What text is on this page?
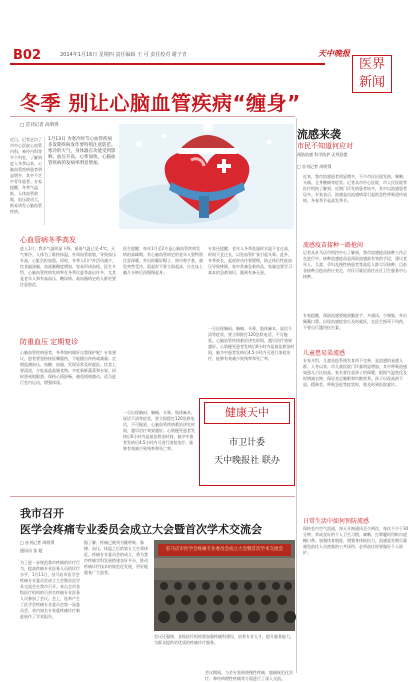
B02	2014年1月16日 星期四 责任编辑 王 可 责任校对 谢子青	天中晚报
医界
新闻
冬季 别让心脑血管疾病“缠身”
□ 首刊记者 尚明得
近日，记者走访了市中心医院心血管内科、神经内科等多个科室，了解到进入冬季以来，心脑血管疾病患者明显增多，其中不乏中青年患者。专家提醒，冬季气温低，人体血管收缩，血压波动大，极易诱发心脑血管疾病。
1月13日 为寒冷时节心血管疾病多发期疾病发作要特别注意防范。寒冷的天气，身体器官功能受到影响，血压升高、心率加快，心脑血管疾病的发病率明显增加。
心血管病冬季高发
进入1月，我市气温明显下降，最低气温已至-4℃。天气寒冷，人体为了维持体温，外周血管收缩，导致血压升高，心脏负担加重。同时，冬季人们户外活动减少，饮食偏油腻，血液黏稠度增加，容易形成血栓。医生介绍，心脑血管疾病发病率在冬季比夏季高出许多，尤其是老年人和有高血压、糖尿病、高血脂病史的人群更要注意防范。
医生提醒，每年1月至2月是心脑血管疾病发病的高峰期。有心脑血管病史的老年人要特别注意保暖，外出时戴好帽子、围巾和手套，避免突然受冷。晨起时不要立即起床，应在床上躺几分钟后再慢慢起身。
专家还提醒，老年人冬季洗澡时水温不宜过高，时间不宜过长，以免血管扩张引起头晕。此外，冬季夜长，起夜时动作要缓慢，防止体位性低血压导致摔倒。家中常备急救药品，家属也要学习基本的急救知识，做到有备无患。
防重血压 定期复诊
心脑血管疾病患者，冬季如何做好自我保护呢？专家建议，患者要坚持按医嘱服药，不能擅自停药或减量；定期监测血压、血糖、血脂，发现异常及时就医。饮食上要清淡，少吃高盐高脂食物，多吃新鲜蔬菜和水果。同时要戒烟限酒，保持心情舒畅，避免情绪激动。适当进行室内运动，增强体质。
一旦出现胸闷、胸痛、头晕、肢体麻木、说话不清等症状，要立即拨打120急救电话，不可拖延。心脑血管疾病救治讲究时间，越早治疗效果越好。心肌梗死患者发病后6小时内是最佳救治时间，脑卒中患者发病后4.5小时内可进行溶栓治疗，能够有效减少致残率和死亡率。
一旦出现胸闷、胸痛、头晕、肢体麻木、说话不清等症状，要立即拨打120急救电话，不可拖延。心脑血管疾病救治讲究时间，越早治疗效果越好。心肌梗死患者发病后6小时内是最佳救治时间，脑卒中患者发病后4.5小时内可进行溶栓治疗，能够有效减少致残率和死亡率。
健康天中
市卫计委
天中晚报社 联办
我市召开
医学会疼痛专业委员会成立大会暨首次学术交流会
□ 首刊记者 尚明得
通讯员 张 超
为了进一步规范我市疼痛的诊疗行为，提高疼痛专业医务人员的诊疗水平，1月11日，驻马店市医学会疼痛专业委员会成立大会暨首次学术交流会在我市召开。来自全市各级医疗机构的百余名疼痛专业医务人员参加了会议。会上，选举产生了医学会疼痛专业委员会第一届委员会，省内知名专家就疼痛诊疗新进展作了学术报告。
据了解，疼痛已被列为继呼吸、脉搏、血压、体温之后的第五大生命体征。疼痛专业委员会的成立，将为我市疼痛学科发展搭建良好平台，推动疼痛诊疗技术的规范化发展，更好地服务广大患者。
驻马店市医学会疼痛专业委员会成立大会暨首次学术交流会
会议还强调，各级医疗机构要加强疼痛科建设，培养专业人才，提升服务能力，为群众提供更优质的疼痛诊疗服务。
会议期间，与会专家围绕慢性疼痛、癌痛规范化治疗、神经病理性疼痛等方面进行了深入交流。
流感来袭
市民不知道何应对
预防流感 科学防护 无须恐慌
□ 首刊记者 尚明得
近来，我市流感患者明显增多，不少市民出现发热、咳嗽、头痛、全身酸痛等症状。记者从市中心医院、市人民医院等医疗机构了解到，近期门诊发热患者较多，其中以流感患者居多。专家表示，流感是由流感病毒引起的急性呼吸道传染病，冬春季节是高发季节。
流感疫苗接种一路抢间
记者从驻马店市疾控中心了解到，我市流感疫苗接种工作正在进行中。接种流感疫苗是预防流感最有效的手段，建议老年人、儿童、孕妇及慢性病患者等高危人群尽早接种。目前各接种点疫苗供应充足，市民可就近前往社区卫生服务中心接种。
专家提醒，预防流感要做到勤洗手、多通风、少聚集，外出佩戴口罩。出现流感症状应及时就医，在医生指导下用药，不要自行滥用抗生素。
儿童患易染流感
专家介绍，儿童免疫系统发育尚不完善，是流感的易感人群。入冬以来，市儿童医院门诊量明显增加，其中呼吸道感染患儿占比较高。家长要注意孩子的保暖，根据气温变化及时增减衣物，保证充足睡眠和均衡营养。孩子出现高热不退、精神差、呼吸急促等症状时，要及时到医院就诊。
日常生活中如何预防流感
保持室内空气流通，每天开窗通风至少两次，每次不少于30分钟。养成良好的个人卫生习惯，咳嗽、打喷嚏时用纸巾遮掩口鼻。加强体育锻炼，增强身体抵抗力。流感高发期尽量避免前往人员密集的公共场所，必须前往时要做好个人防护。
